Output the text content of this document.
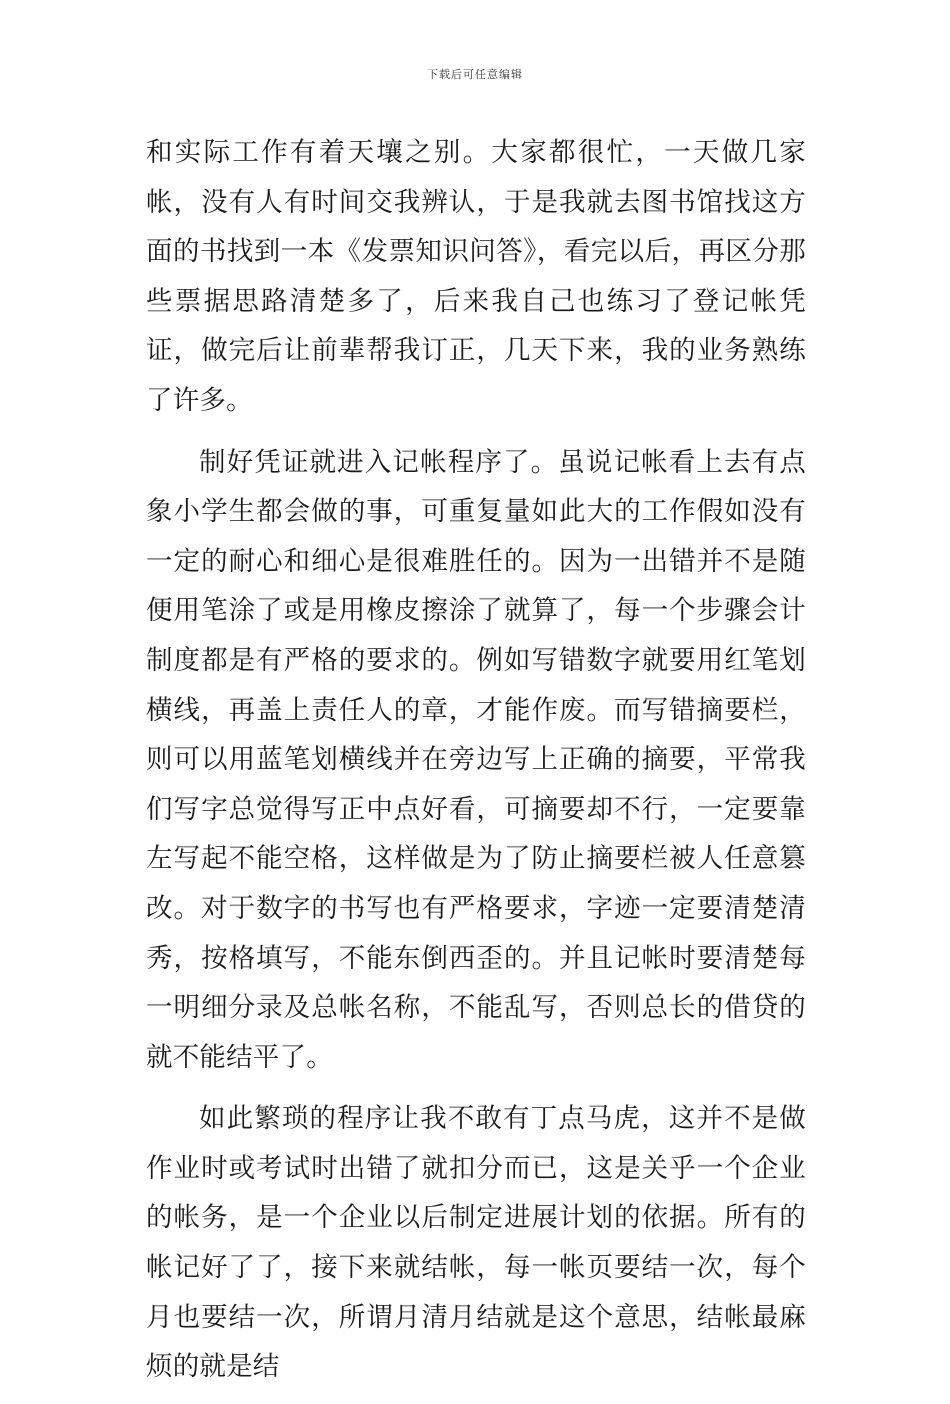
下载后可任意编辑

和实际工作有着天壤之别。大家都很忙，一天做几家帐，没有人有时间交我辨认，于是我就去图书馆找这方面的书找到一本《发票知识问答》，看完以后，再区分那些票据思路清楚多了，后来我自己也练习了登记帐凭证，做完后让前辈帮我订正，几天下来，我的业务熟练了许多。

制好凭证就进入记帐程序了。虽说记帐看上去有点象小学生都会做的事，可重复量如此大的工作假如没有一定的耐心和细心是很难胜任的。因为一出错并不是随便用笔涂了或是用橡皮擦涂了就算了，每一个步骤会计制度都是有严格的要求的。例如写错数字就要用红笔划横线，再盖上责任人的章，才能作废。而写错摘要栏，则可以用蓝笔划横线并在旁边写上正确的摘要，平常我们写字总觉得写正中点好看，可摘要却不行，一定要靠左写起不能空格，这样做是为了防止摘要栏被人任意篡改。对于数字的书写也有严格要求，字迹一定要清楚清秀，按格填写，不能东倒西歪的。并且记帐时要清楚每一明细分录及总帐名称，不能乱写，否则总长的借贷的就不能结平了。

如此繁琐的程序让我不敢有丁点马虎，这并不是做作业时或考试时出错了就扣分而已，这是关乎一个企业的帐务，是一个企业以后制定进展计划的依据。所有的帐记好了了，接下来就结帐，每一帐页要结一次，每个月也要结一次，所谓月清月结就是这个意思，结帐最麻烦的就是结
